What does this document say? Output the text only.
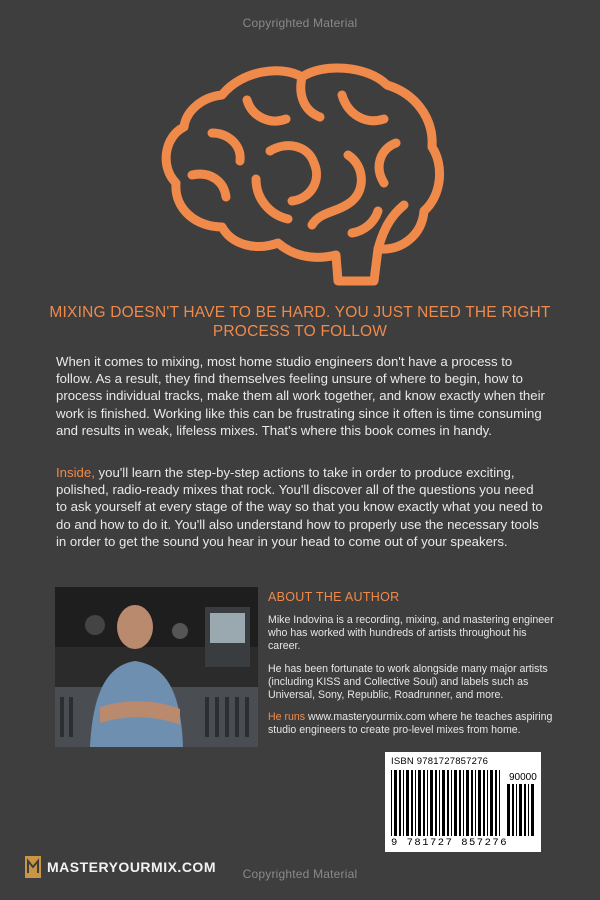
Copyrighted Material
MIXING DOESN'T HAVE TO BE HARD. YOU JUST NEED THE RIGHT PROCESS TO FOLLOW

When it comes to mixing, most home studio engineers don't have a process to follow. As a result, they find themselves feeling unsure of where to begin, how to process individual tracks, make them all work together, and know exactly when their work is finished. Working like this can be frustrating since it often is time consuming and results in weak, lifeless mixes. That's where this book comes in handy.

Inside, you'll learn the step-by-step actions to take in order to produce exciting, polished, radio-ready mixes that rock. You'll discover all of the questions you need to ask yourself at every stage of the way so that you know exactly what you need to do and how to do it. You'll also understand how to properly use the necessary tools in order to get the sound you hear in your head to come out of your speakers.

ABOUT THE AUTHOR

Mike Indovina is a recording, mixing, and mastering engineer who has worked with hundreds of artists throughout his career.

He has been fortunate to work alongside many major artists (including KISS and Collective Soul) and labels such as Universal, Sony, Republic, Roadrunner, and more.

He runs www.masteryourmix.com where he teaches aspiring studio engineers to create pro-level mixes from home.

ISBN 9781727857276
90000
9 781727 857276
MASTERYOURMIX.COM	Copyrighted Material
